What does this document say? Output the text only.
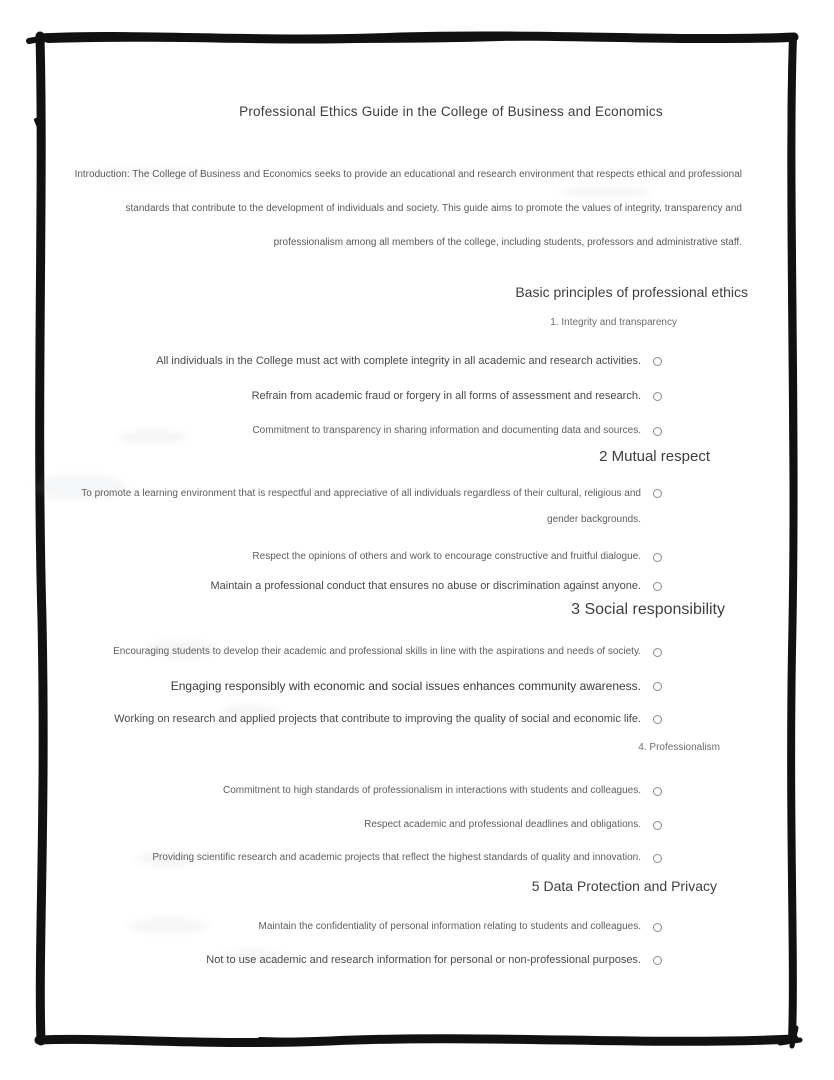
Professional Ethics Guide in the College of Business and Economics
Introduction: The College of Business and Economics seeks to provide an educational and research environment that respects ethical and professional standards that contribute to the development of individuals and society. This guide aims to promote the values of integrity, transparency and professionalism among all members of the college, including students, professors and administrative staff.
Basic principles of professional ethics
1. Integrity and transparency
All individuals in the College must act with complete integrity in all academic and research activities.
Refrain from academic fraud or forgery in all forms of assessment and research.
Commitment to transparency in sharing information and documenting data and sources.
2 Mutual respect
To promote a learning environment that is respectful and appreciative of all individuals regardless of their cultural, religious and gender backgrounds.
Respect the opinions of others and work to encourage constructive and fruitful dialogue.
Maintain a professional conduct that ensures no abuse or discrimination against anyone.
3 Social responsibility
Encouraging students to develop their academic and professional skills in line with the aspirations and needs of society.
Engaging responsibly with economic and social issues enhances community awareness.
Working on research and applied projects that contribute to improving the quality of social and economic life.
4. Professionalism
Commitment to high standards of professionalism in interactions with students and colleagues.
Respect academic and professional deadlines and obligations.
Providing scientific research and academic projects that reflect the highest standards of quality and innovation.
5 Data Protection and Privacy
Maintain the confidentiality of personal information relating to students and colleagues.
Not to use academic and research information for personal or non-professional purposes.
